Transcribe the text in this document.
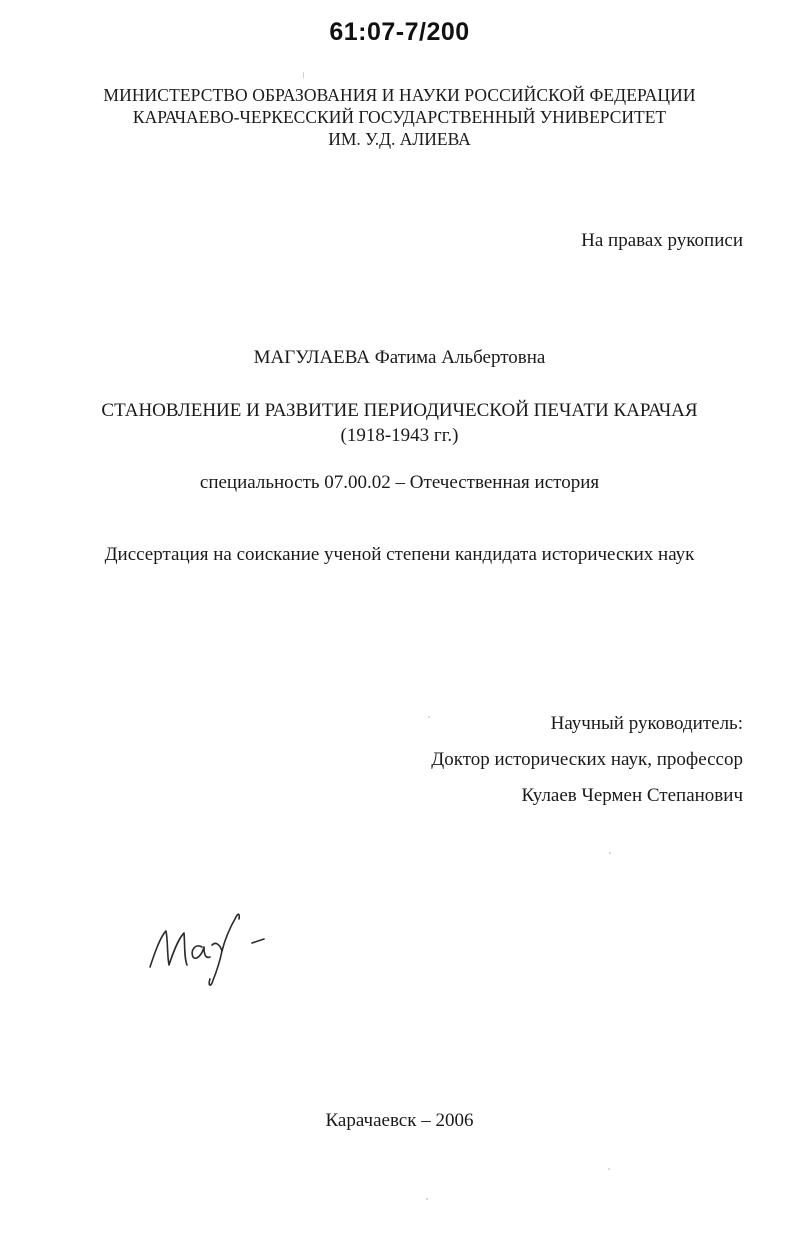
61:07-7/200
МИНИСТЕРСТВО ОБРАЗОВАНИЯ И НАУКИ РОССИЙСКОЙ ФЕДЕРАЦИИ
КАРАЧАЕВО-ЧЕРКЕССКИЙ ГОСУДАРСТВЕННЫЙ УНИВЕРСИТЕТ
ИМ. У.Д. АЛИЕВА
На правах рукописи
МАГУЛАЕВА Фатима Альбертовна
СТАНОВЛЕНИЕ И РАЗВИТИЕ ПЕРИОДИЧЕСКОЙ ПЕЧАТИ КАРАЧАЯ
(1918-1943 гг.)
специальность 07.00.02 – Отечественная история
Диссертация на соискание ученой степени кандидата исторических наук
Научный руководитель:
Доктор исторических наук, профессор
Кулаев Чермен Степанович
Карачаевск – 2006
